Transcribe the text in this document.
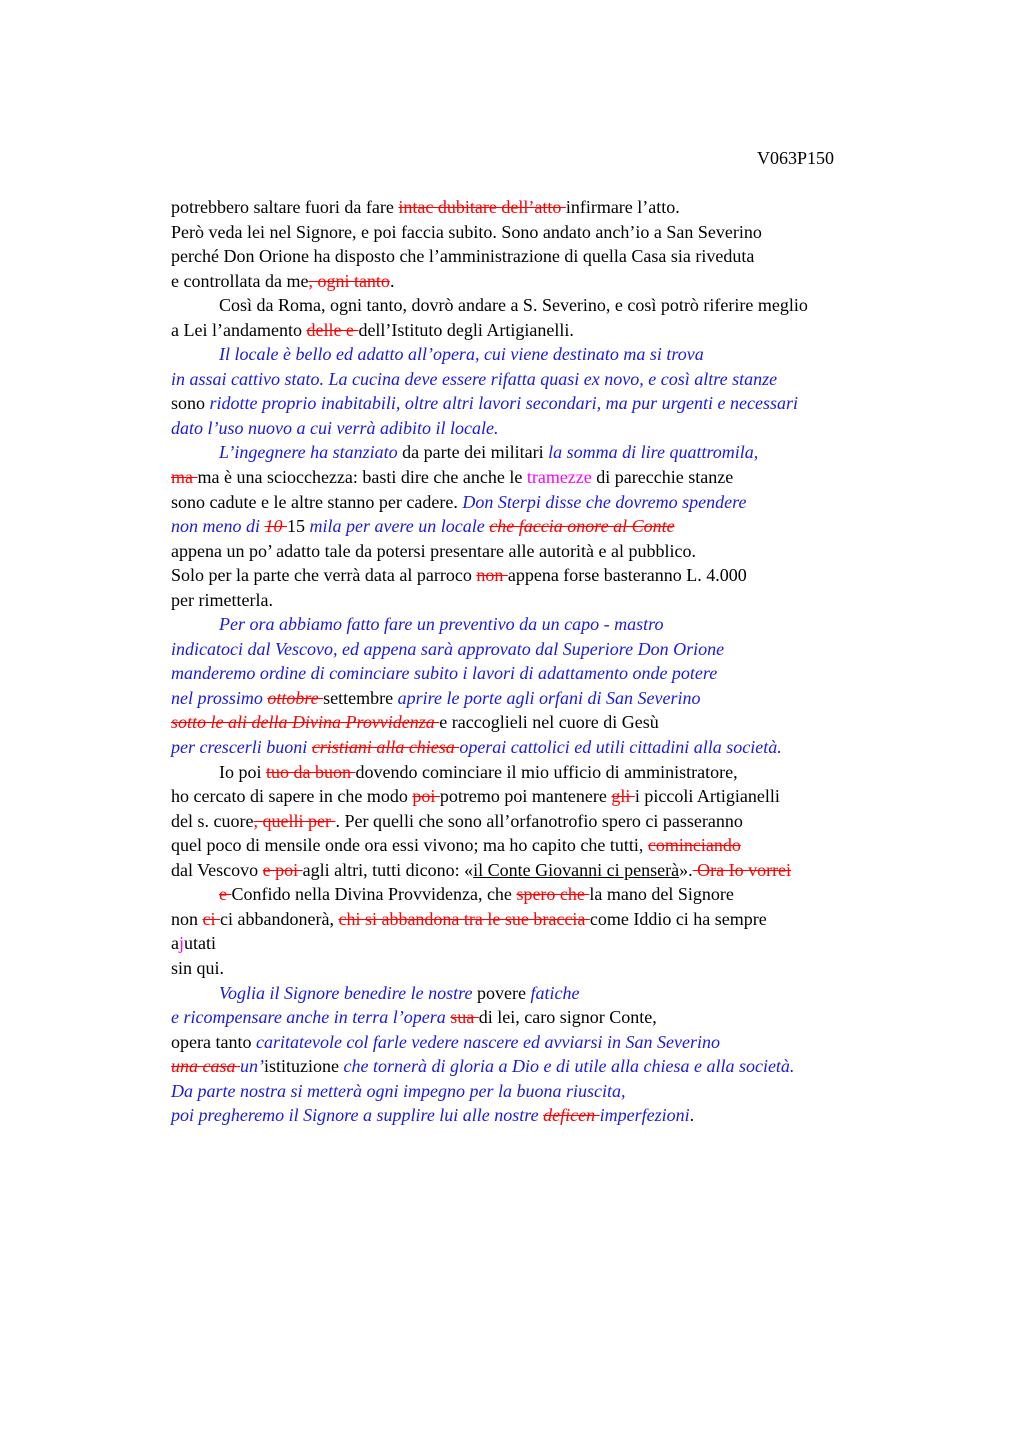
V063P150
potrebbero saltare fuori da fare intac dubitare dell’atto infirmare l’atto.
Però veda lei nel Signore, e poi faccia subito. Sono andato anch’io a San Severino
perché Don Orione ha disposto che l’amministrazione di quella Casa sia riveduta
e controllata da me, ogni tanto.
Così da Roma, ogni tanto, dovrò andare a S. Severino, e così potrò riferire meglio
a Lei l’andamento delle e dell’Istituto degli Artigianelli.
Il locale è bello ed adatto all’opera, cui viene destinato ma si trova
in assai cattivo stato. La cucina deve essere rifatta quasi ex novo, e così altre stanze
sono ridotte proprio inabitabili, oltre altri lavori secondari, ma pur urgenti e necessari
dato l’uso nuovo a cui verrà adibito il locale.
L’ingegnere ha stanziato da parte dei militari la somma di lire quattromila,
ma ma è una sciocchezza: basti dire che anche le tramezze di parecchie stanze
sono cadute e le altre stanno per cadere. Don Sterpi disse che dovremo spendere
non meno di 10 15 mila per avere un locale che faccia onore al Conte
appena un po’ adatto tale da potersi presentare alle autorità e al pubblico.
Solo per la parte che verrà data al parroco non appena forse basteranno L. 4.000
per rimetterla.
Per ora abbiamo fatto fare un preventivo da un capo - mastro
indicatoci dal Vescovo, ed appena sarà approvato dal Superiore Don Orione
manderemo ordine di cominciare subito i lavori di adattamento onde potere
nel prossimo ottobre settembre aprire le porte agli orfani di San Severino
sotto le ali della Divina Provvidenza e raccoglieli nel cuore di Gesù
per crescerli buoni cristiani alla chiesa operai cattolici ed utili cittadini alla società.
Io poi tuo da buon dovendo cominciare il mio ufficio di amministratore,
ho cercato di sapere in che modo poi potremo poi mantenere gli i piccoli Artigianelli
del s. cuore, quelli per . Per quelli che sono all’orfanotrofio spero ci passeranno
quel poco di mensile onde ora essi vivono; ma ho capito che tutti, cominciando
dal Vescovo e poi agli altri, tutti dicono: «il Conte Giovanni ci penserà». Ora Io vorrei
e Confido nella Divina Provvidenza, che spero che la mano del Signore
non ci ci abbandonerà, chi si abbandona tra le sue braccia come Iddio ci ha sempre
ajutati
sin qui.
Voglia il Signore benedire le nostre povere fatiche
e ricompensare anche in terra l’opera sua di lei, caro signor Conte,
opera tanto caritatevole col farle vedere nascere ed avviarsi in San Severino
una casa un’istituzione che tornerà di gloria a Dio e di utile alla chiesa e alla società.
Da parte nostra si metterà ogni impegno per la buona riuscita,
poi pregheremo il Signore a supplire lui alle nostre deficen imperfezioni.
